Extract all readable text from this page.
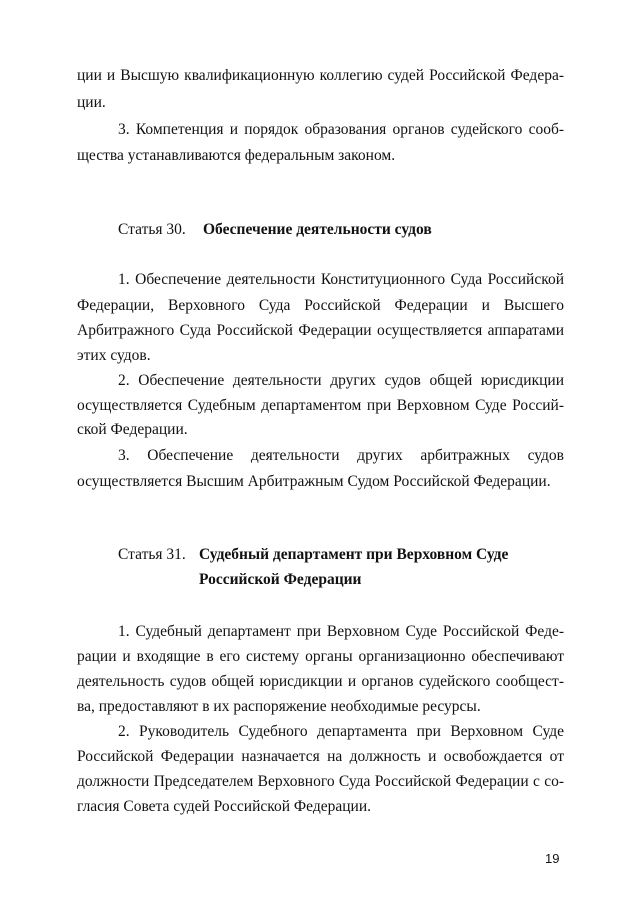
ции и Высшую квалификационную коллегию судей Российской Федера-
ции.
3. Компетенция и порядок образования органов судейского сооб-
щества устанавливаются федеральным законом.
Статья 30. Обеспечение деятельности судов
1. Обеспечение деятельности Конституционного Суда Российской
Федерации, Верховного Суда Российской Федерации и Высшего
Арбитражного Суда Российской Федерации осуществляется аппаратами
этих судов.
2. Обеспечение деятельности других судов общей юрисдикции
осуществляется Судебным департаментом при Верховном Суде Россий-
ской Федерации.
3. Обеспечение деятельности других арбитражных судов
осуществляется Высшим Арбитражным Судом Российской Федерации.
Статья 31. Судебный департамент при Верховном Суде
Российской Федерации
1. Судебный департамент при Верховном Суде Российской Феде-
рации и входящие в его систему органы организационно обеспечивают
деятельность судов общей юрисдикции и органов судейского сообщест-
ва, предоставляют в их распоряжение необходимые ресурсы.
2. Руководитель Судебного департамента при Верховном Суде
Российской Федерации назначается на должность и освобождается от
должности Председателем Верховного Суда Российской Федерации с со-
гласия Совета судей Российской Федерации.
19
